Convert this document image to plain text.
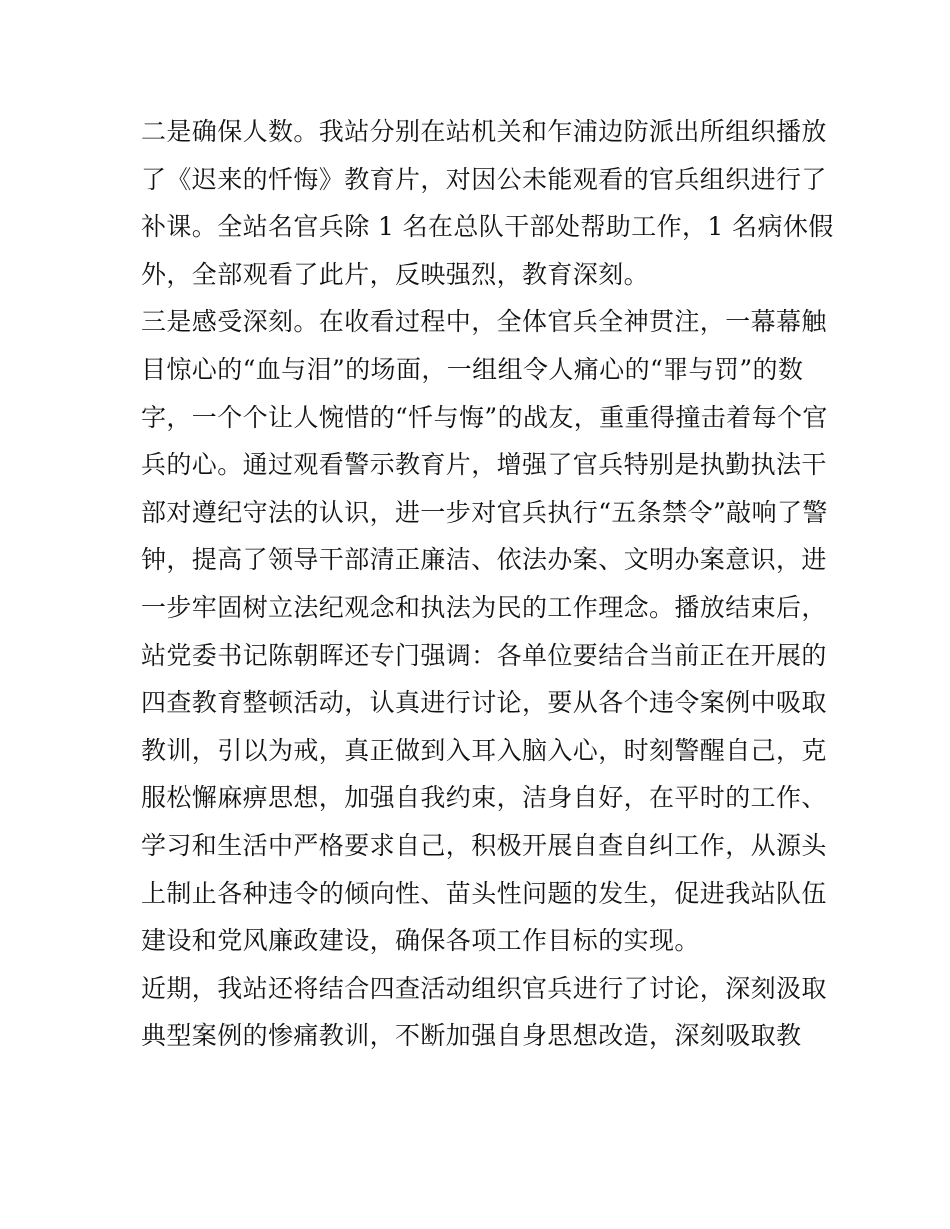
二是确保人数。我站分别在站机关和乍浦边防派出所组织播放
了《迟来的忏悔》教育片，对因公未能观看的官兵组织进行了
补课。全站名官兵除 1 名在总队干部处帮助工作，1 名病休假
外，全部观看了此片，反映强烈，教育深刻。
三是感受深刻。在收看过程中，全体官兵全神贯注，一幕幕触
目惊心的“血与泪”的场面，一组组令人痛心的“罪与罚”的数
字，一个个让人惋惜的“忏与悔”的战友，重重得撞击着每个官
兵的心。通过观看警示教育片，增强了官兵特别是执勤执法干
部对遵纪守法的认识，进一步对官兵执行“五条禁令”敲响了警
钟，提高了领导干部清正廉洁、依法办案、文明办案意识，进
一步牢固树立法纪观念和执法为民的工作理念。播放结束后，
站党委书记陈朝晖还专门强调：各单位要结合当前正在开展的
四查教育整顿活动，认真进行讨论，要从各个违令案例中吸取
教训，引以为戒，真正做到入耳入脑入心，时刻警醒自己，克
服松懈麻痹思想，加强自我约束，洁身自好，在平时的工作、
学习和生活中严格要求自己，积极开展自查自纠工作，从源头
上制止各种违令的倾向性、苗头性问题的发生，促进我站队伍
建设和党风廉政建设，确保各项工作目标的实现。
近期，我站还将结合四查活动组织官兵进行了讨论，深刻汲取
典型案例的惨痛教训，不断加强自身思想改造，深刻吸取教
